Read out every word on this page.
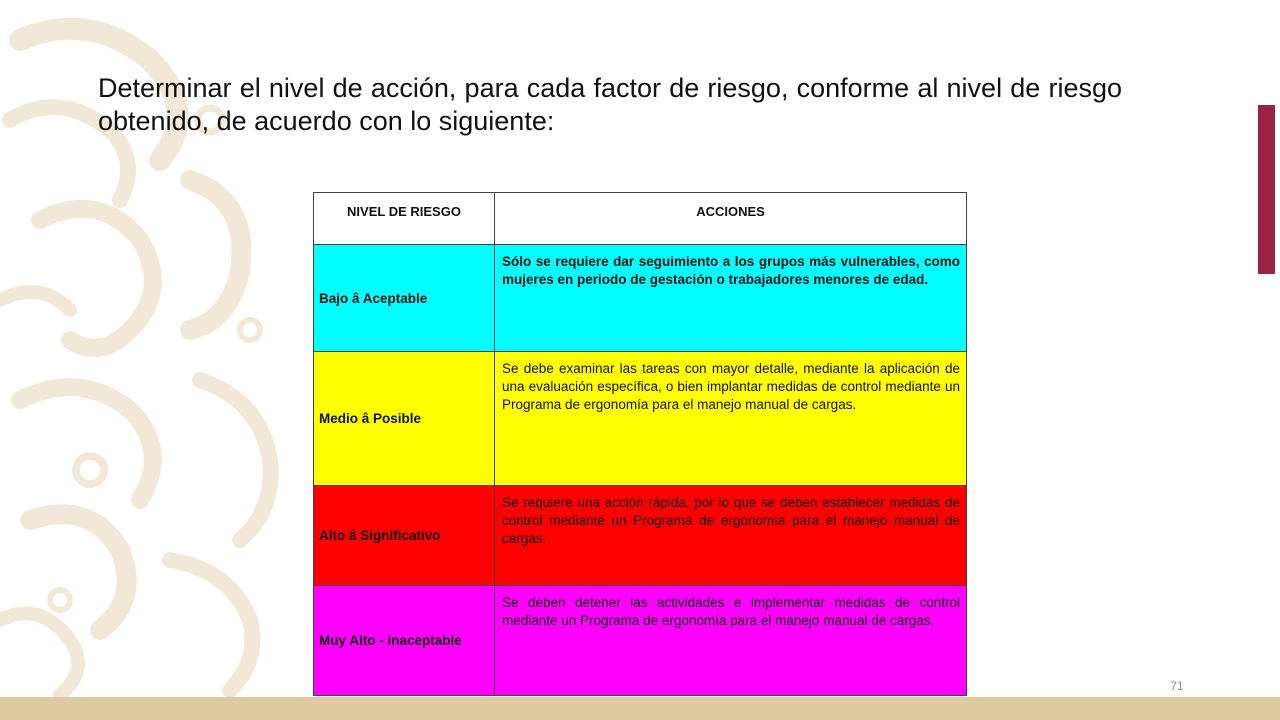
Determinar el nivel de acción, para cada factor de riesgo, conforme al nivel de riesgo obtenido, de acuerdo con lo siguiente:

NIVEL DE RIESGO	ACCIONES
Bajo â Aceptable	Sólo se requiere dar seguimiento a los grupos más vulnerables, como mujeres en periodo de gestación o trabajadores menores de edad.
Medio â Posible	Se debe examinar las tareas con mayor detalle, mediante la aplicación de una evaluación específica, o bien implantar medidas de control mediante un Programa de ergonomía para el manejo manual de cargas.
Alto â Significativo	Se requiere una acción rápida, por lo que se deben establecer medidas de control mediante un Programa de ergonomía para el manejo manual de cargas.
Muy Alto - Inaceptable	Se deben detener las actividades e implementar medidas de control mediante un Programa de ergonomía para el manejo manual de cargas.
71
